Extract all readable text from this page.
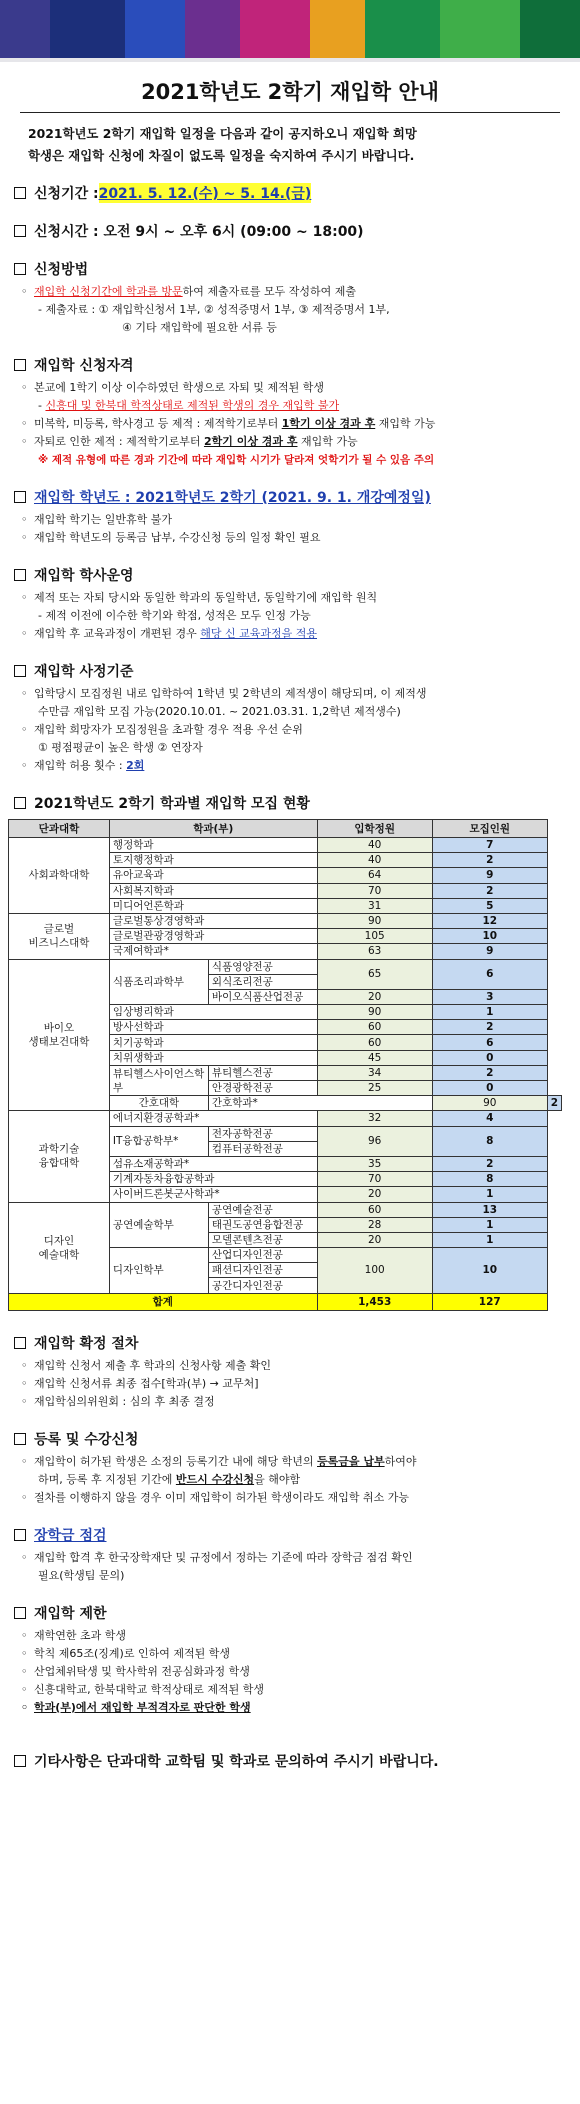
2021학년도 2학기 재입학 안내
2021학년도 2학기 재입학 일정을 다음과 같이 공지하오니 재입학 희망
학생은 재입학 신청에 차질이 없도록 일정을 숙지하여 주시기 바랍니다.
신청기간 : 2021. 5. 12.(수) ~ 5. 14.(금)
신청시간 : 오전 9시 ~ 오후 6시 (09:00 ~ 18:00)
신청방법
◦ 재입학 신청기간에 학과를 방문하여 제출자료를 모두 작성하여 제출
- 제출자료 : ① 재입학신청서 1부, ② 성적증명서 1부, ③ 제적증명서 1부,
④ 기타 재입학에 필요한 서류 등
재입학 신청자격
◦ 본교에 1학기 이상 이수하였던 학생으로 자퇴 및 제적된 학생
- 신흥대 및 한북대 학적상태로 제적된 학생의 경우 재입학 불가
◦ 미복학, 미등록, 학사경고 등 제적 : 제적학기로부터 1학기 이상 경과 후 재입학 가능
◦ 자퇴로 인한 제적 : 제적학기로부터 2학기 이상 경과 후 재입학 가능
※ 제적 유형에 따른 경과 기간에 따라 재입학 시기가 달라져 엇학기가 될 수 있음 주의
재입학 학년도 : 2021학년도 2학기 (2021. 9. 1. 개강예정일)
◦ 재입학 학기는 일반휴학 불가
◦ 재입학 학년도의 등록금 납부, 수강신청 등의 일정 확인 필요
재입학 학사운영
◦ 제적 또는 자퇴 당시와 동일한 학과의 동일학년, 동일학기에 재입학 원칙
- 제적 이전에 이수한 학기와 학점, 성적은 모두 인정 가능
◦ 재입학 후 교육과정이 개편된 경우 해당 신 교육과정을 적용
재입학 사정기준
◦ 입학당시 모집정원 내로 입학하여 1학년 및 2학년의 제적생이 해당되며, 이 제적생
수만큼 재입학 모집 가능(2020.10.01. ~ 2021.03.31. 1,2학년 제적생수)
◦ 재입학 희망자가 모집정원을 초과할 경우 적용 우선 순위
① 평점평균이 높은 학생 ② 연장자
◦ 재입학 허용 횟수 : 2회
2021학년도 2학기 학과별 재입학 모집 현황
단과대학	학과(부)		입학정원	모집인원	
사회과학대학	행정학과		40	7	
	토지행정학과		40	2	
	유아교육과		64	9	
	사회복지학과		70	2	
	미디어언론학과		31	5	
글로벌
비즈니스대학	글로벌통상경영학과		90	12	
	글로벌관광경영학과		105	10	
	국제여학과*		63	9	
바이오
생태보건대학	식품조리과학부	식품영양전공	65	6	
		외식조리전공			
		바이오식품산업전공	20	3	
	임상병리학과		90	1	
	방사선학과		60	2	
	치기공학과		60	6	
	치위생학과		45	0	
	뷰티헬스사이언스학부	뷰티헬스전공	34	2	
		안경광학전공	25	0	
	간호대학	간호학과*		90	2
과학기술
융합대학	에너지환경공학과*		32	4	
	IT융합공학부*	전자공학전공	96	8	
		컴퓨터공학전공			
	섬유소재공학과*		35	2	
	기계자동차융합공학과		70	8	
	사이버드론봇군사학과*		20	1	
디자인
예술대학	공연예술학부	공연예술전공	60	13	
		태권도공연융합전공	28	1	
		모델콘텐츠전공	20	1	
	디자인학부	산업디자인전공	100	10	
		패션디자인전공			
		공간디자인전공			
합계			1,453	127	
재입학 확정 절차
◦ 재입학 신청서 제출 후 학과의 신청사항 제출 확인
◦ 재입학 신청서류 최종 접수[학과(부) → 교무처]
◦ 재입학심의위원회 : 심의 후 최종 결정
등록 및 수강신청
◦ 재입학이 허가된 학생은 소정의 등록기간 내에 해당 학년의 등록금을 납부하여야
하며, 등록 후 지정된 기간에 반드시 수강신청을 해야함
◦ 절차를 이행하지 않을 경우 이미 재입학이 허가된 학생이라도 재입학 취소 가능
장학금 점검
◦ 재입학 합격 후 한국장학재단 및 규정에서 정하는 기준에 따라 장학금 점검 확인
필요(학생팀 문의)
재입학 제한
◦ 재학연한 초과 학생
◦ 학칙 제65조(징계)로 인하여 제적된 학생
◦ 산업체위탁생 및 학사학위 전공심화과정 학생
◦ 신흥대학교, 한북대학교 학적상태로 제적된 학생
◦ 학과(부)에서 재입학 부적격자로 판단한 학생
기타사항은 단과대학 교학팀 및 학과로 문의하여 주시기 바랍니다.
